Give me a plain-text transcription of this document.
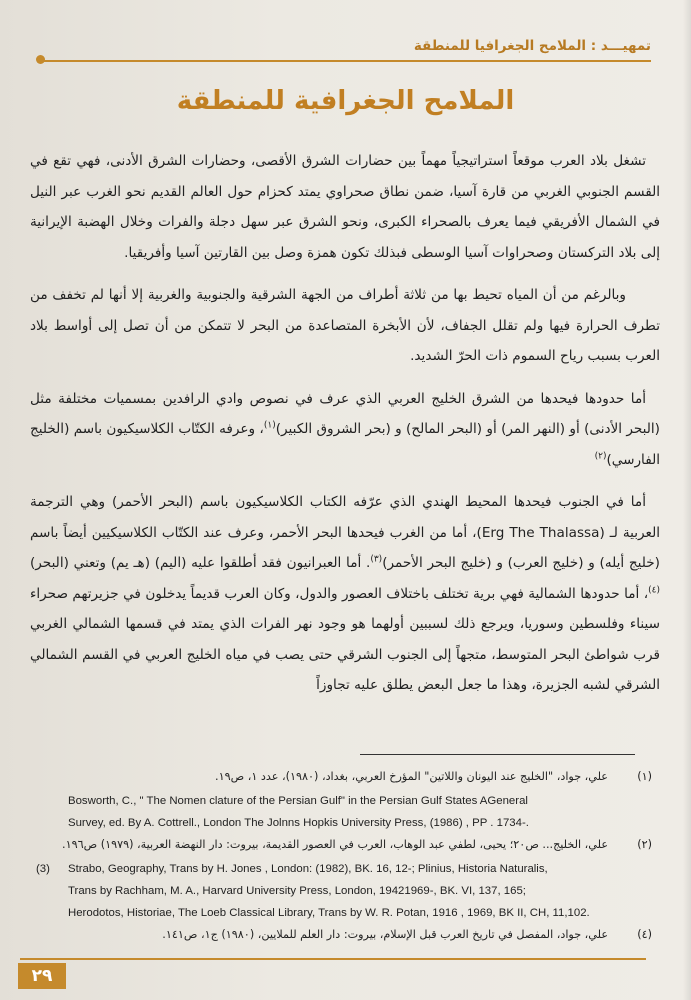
تمهيـــد : الملامح الجغرافيا للمنطقة
الملامح الجغرافية للمنطقة

تشغل بلاد العرب موقعاً استراتيجياً مهماً بين حضارات الشرق الأقصى، وحضارات الشرق الأدنى، فهي تقع في القسم الجنوبي الغربي من قارة آسيا، ضمن نطاق صحراوي يمتد كحزام حول العالم القديم نحو الغرب عبر النيل في الشمال الأفريقي فيما يعرف بالصحراء الكبرى، ونحو الشرق عبر سهل دجلة والفرات وخلال الهضبة الإيرانية إلى بلاد التركستان وصحراوات آسيا الوسطى فبذلك تكون همزة وصل بين القارتين آسيا وأفريقيا.

وبالرغم من أن المياه تحيط بها من ثلاثة أطراف من الجهة الشرقية والجنوبية والغربية إلا أنها لم تخفف من تطرف الحرارة فيها ولم تقلل الجفاف، لأن الأبخرة المتصاعدة من البحر لا تتمكن من أن تصل إلى أواسط بلاد العرب بسبب رياح السموم ذات الحرّ الشديد.

أما حدودها فيحدها من الشرق الخليج العربي الذي عرف في نصوص وادي الرافدين بمسميات مختلفة مثل (البحر الأدنى) أو (النهر المر) أو (البحر المالح) و (بحر الشروق الكبير)$^{(١)}$، وعرفه الكتّاب الكلاسيكيون باسم (الخليج الفارسي)$^{(٢)}$

أما في الجنوب فيحدها المحيط الهندي الذي عرّفه الكتاب الكلاسيكيون باسم (البحر الأحمر) وهي الترجمة العربية لـ (Erg The Thalassa)، أما من الغرب فيحدها البحر الأحمر، وعرف عند الكتّاب الكلاسيكيين أيضاً باسم (خليج أيله) و (خليج العرب) و (خليج البحر الأحمر)$^{(٣)}$. أما العبرانيون فقد أطلقوا عليه (اليم) (هـ يم) وتعني (البحر)$^{(٤)}$، أما حدودها الشمالية فهي برية تختلف باختلاف العصور والدول، وكان العرب قديماً يدخلون في جزيرتهم صحراء سيناء وفلسطين وسوريا، ويرجع ذلك لسببين أولهما هو وجود نهر الفرات الذي يمتد في قسمها الشمالي الغربي قرب شواطئ البحر المتوسط، متجهاً إلى الجنوب الشرقي حتى يصب في مياه الخليج العربي في القسم الشمالي الشرقي لشبه الجزيرة، وهذا ما جعل البعض يطلق عليه تجاوزاً

(١)
علي، جواد، "الخليج عند اليونان واللاتين" المؤرخ العربي، بغداد، (١٩٨٠)، عدد ١، ص١٩.
Bosworth, C., " The Nomen clature of the Persian Gulf" in the Persian Gulf States AGeneral
Survey, ed. By A. Cottrell., London The Jolnns Hopkis University Press, (1986) , PP . 1734-.
(٢)
علي، الخليج... ص٢٠؛ يحيى، لطفي عبد الوهاب، العرب في العصور القديمة، بيروت: دار النهضة العربية، (١٩٧٩) ص١٩٦.
(3) Strabo, Geography, Trans by H. Jones , London: (1982), BK. 16, 12-; Plinius, Historia Naturalis,
Trans by Rachham, M. A., Harvard University Press, London, 19421969-, BK. VI, 137, 165;
Herodotos, Historiae, The Loeb Classical Library, Trans by W. R. Potan, 1916 , 1969, BK II, CH, 11,102.
(٤)
علي، جواد، المفصل في تاريخ العرب قبل الإسلام، بيروت: دار العلم للملايين، (١٩٨٠) ج١، ص١٤١.
٢٩
